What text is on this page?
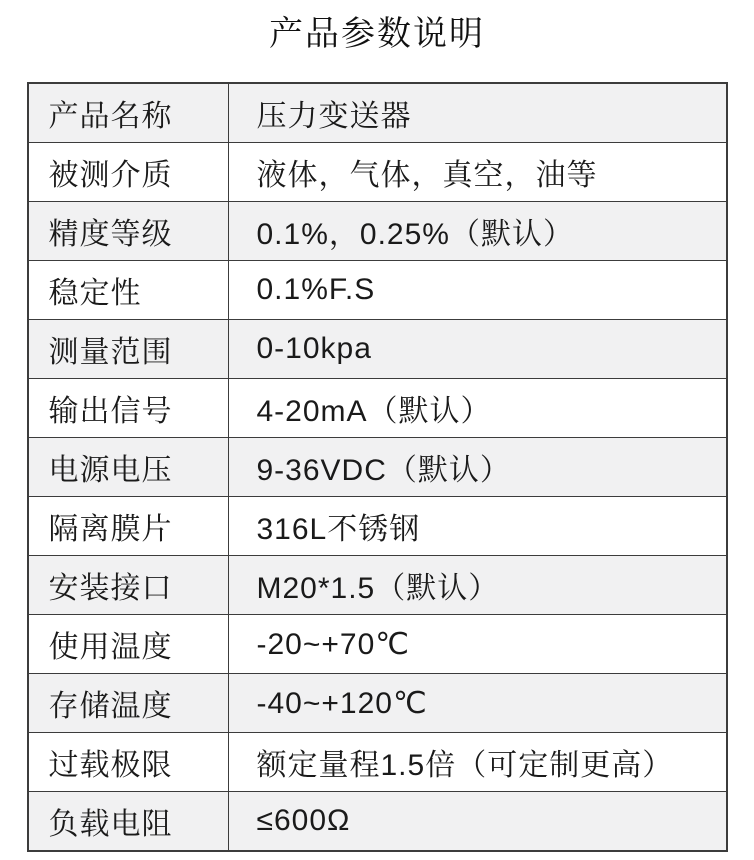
产品参数说明
产品名称	压力变送器
被测介质	液体，气体，真空，油等
精度等级	0.1%，0.25%（默认）
稳定性	0.1%F.S
测量范围	0-10kpa
输出信号	4-20mA（默认）
电源电压	9-36VDC（默认）
隔离膜片	316L不锈钢
安装接口	M20*1.5（默认）
使用温度	-20~+70℃
存储温度	-40~+120℃
过载极限	额定量程1.5倍（可定制更高）
负载电阻	≤600Ω
